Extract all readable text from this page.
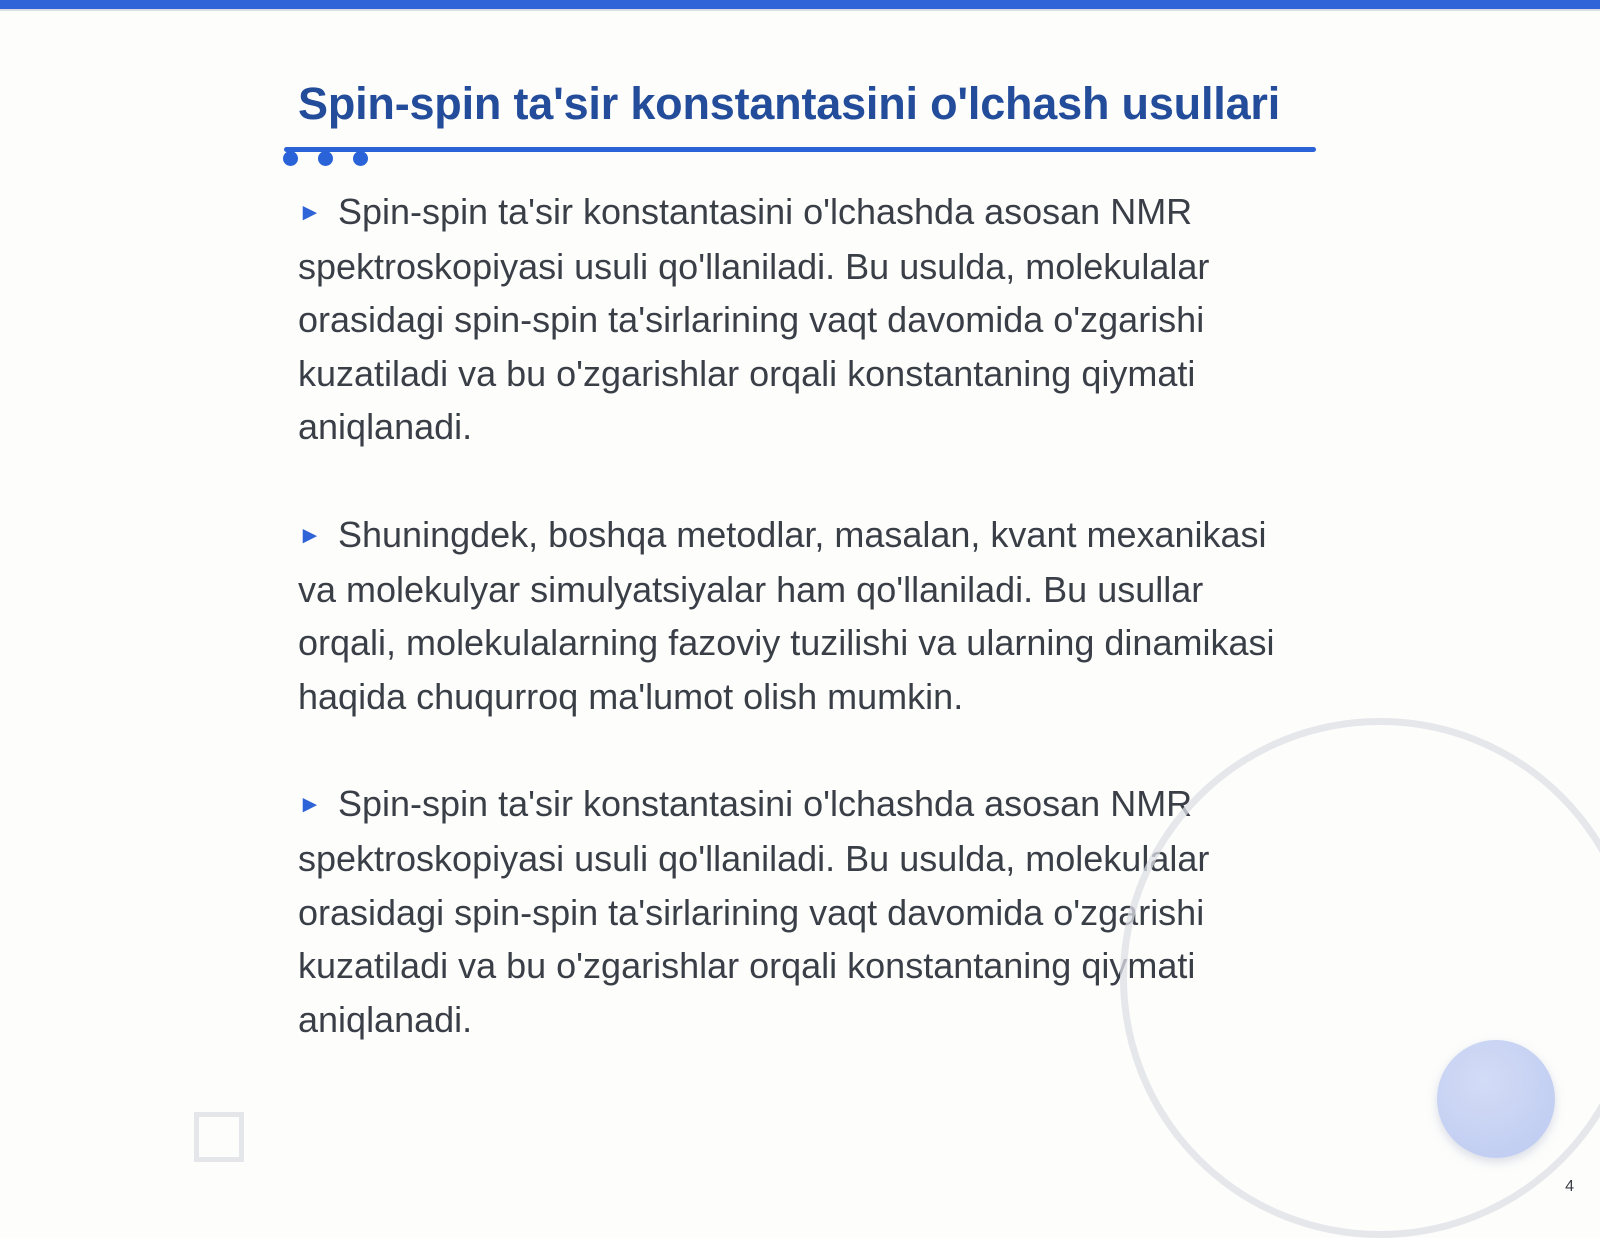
Spin-spin ta'sir konstantasini o'lchash usullari

► Spin-spin ta'sir konstantasini o'lchashda asosan NMR spektroskopiyasi usuli qo'llaniladi. Bu usulda, molekulalar orasidagi spin-spin ta'sirlarining vaqt davomida o'zgarishi kuzatiladi va bu o'zgarishlar orqali konstantaning qiymati aniqlanadi.

► Shuningdek, boshqa metodlar, masalan, kvant mexanikasi va molekulyar simulyatsiyalar ham qo'llaniladi. Bu usullar orqali, molekulalarning fazoviy tuzilishi va ularning dinamikasi haqida chuqurroq ma'lumot olish mumkin.

► Spin-spin ta'sir konstantasini o'lchashda asosan NMR spektroskopiyasi usuli qo'llaniladi. Bu usulda, molekulalar orasidagi spin-spin ta'sirlarining vaqt davomida o'zgarishi kuzatiladi va bu o'zgarishlar orqali konstantaning qiymati aniqlanadi.

4
